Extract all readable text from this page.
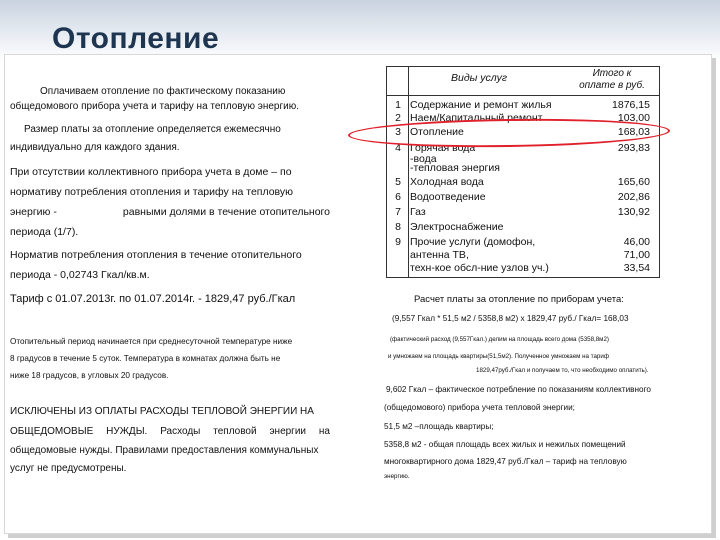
Отопление
Оплачиваем отопление по фактическому показанию
общедомового прибора учета и тарифу на тепловую энергию.
Размер платы за отопление определяется ежемесячно
индивидуально для каждого здания.
При отсутствии коллективного прибора учета в доме – по
нормативу потребления отопления и тарифу на тепловую
энергию -	равными долями в течение отопительного
периода (1/7).
Норматив потребления отопления в течение отопительного
периода - 0,02743 Гкал/кв.м.
Тариф с 01.07.2013г. по 01.07.2014г. - 1829,47 руб./Гкал
Отопительный период начинается при среднесуточной температуре ниже
8 градусов в течение 5 суток. Температура в комнатах должна быть не
ниже 18 градусов, в угловых 20 градусов.
ИСКЛЮЧЕНЫ ИЗ ОПЛАТЫ РАСХОДЫ ТЕПЛОВОЙ ЭНЕРГИИ НА
ОБЩЕДОМОВЫЕ НУЖДЫ. Расходы тепловой энергии на
общедомовые нужды. Правилами предоставления коммунальных
услуг не предусмотрены.
Виды услуг	Итого к
оплате в руб.
1 Содержание и ремонт жилья	1876,15
2 Наем/Капитальный ремонт	103,00
3 Отопление	168,03
4 Горячая вода	293,83
-вода
-тепловая энергия
5 Холодная вода	165,60
6 Водоотведение	202,86
7 Газ	130,92
8 Электроснабжение
9 Прочие услуги (домофон,	46,00
антенна ТВ,	71,00
техн-кое обсл-ние узлов уч.)	33,54
Расчет платы за отопление по приборам учета:
(9,557 Гкал * 51,5 м2 / 5358,8 м2) х 1829,47 руб./ Гкал= 168,03
(фактический расход (9,557Гкал.) делим на площадь всего дома (5358,8м2)
и умножаем на площадь квартиры(51,5м2). Полученное умножаем на тариф
1829,47руб./Гкал и получаем то, что необходимо оплатить).
9,602 Гкал – фактическое потребление по показаниям коллективного
(общедомового) прибора учета тепловой энергии;
51,5 м2 –площадь квартиры;
5358,8 м2 - общая площадь всех жилых и нежилых помещений
многоквартирного дома 1829,47 руб./Гкал – тариф на тепловую
энергию.
